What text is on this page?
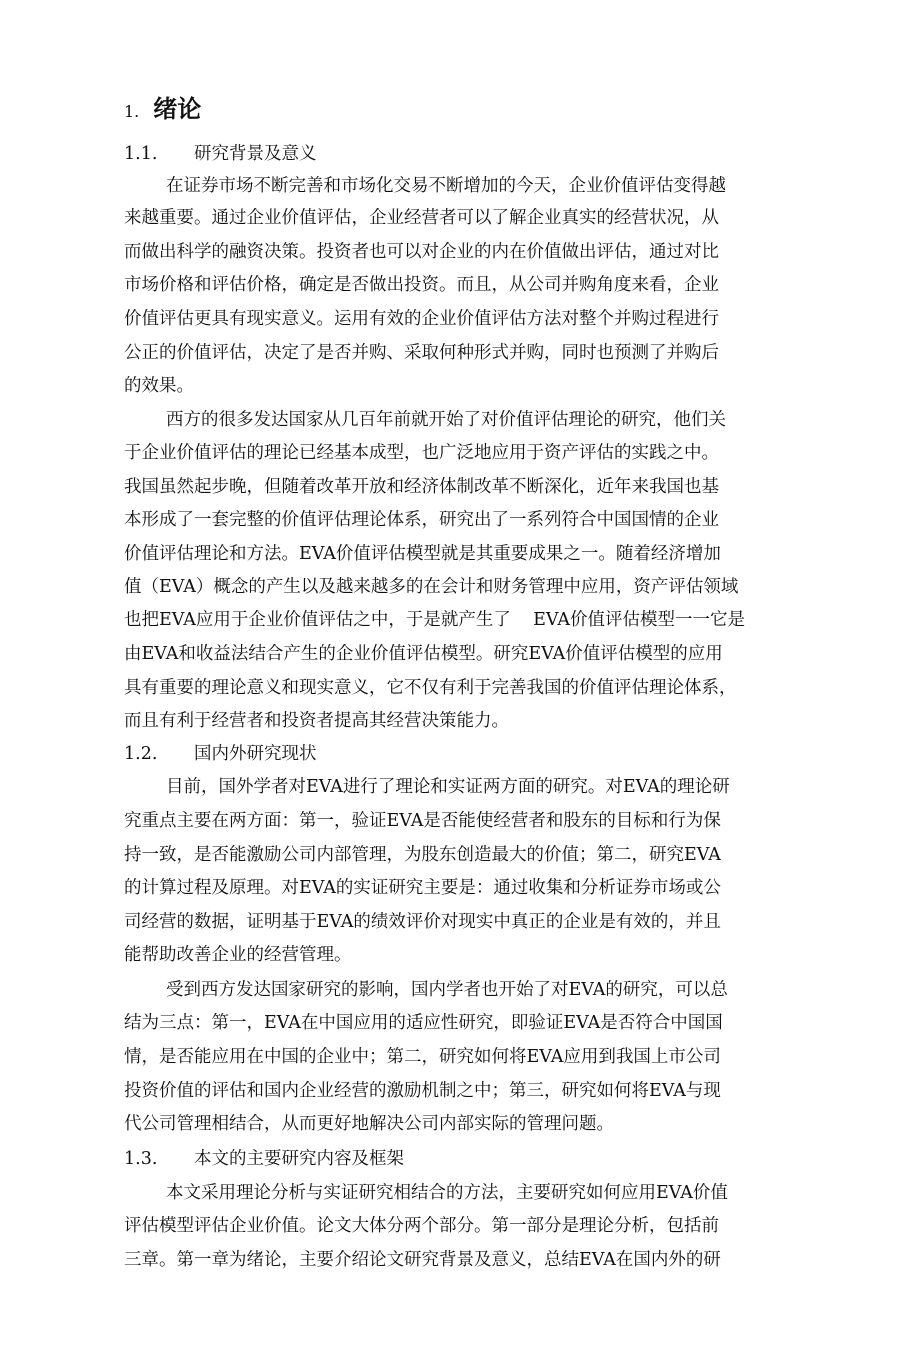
1. 绪论
1.1. 研究背景及意义
在证券市场不断完善和市场化交易不断增加的今天，企业价值评估变得越
来越重要。通过企业价值评估，企业经营者可以了解企业真实的经营状况，从
而做出科学的融资决策。投资者也可以对企业的内在价值做出评估，通过对比
市场价格和评估价格，确定是否做出投资。而且，从公司并购角度来看，企业
价值评估更具有现实意义。运用有效的企业价值评估方法对整个并购过程进行
公正的价值评估，决定了是否并购、采取何种形式并购，同时也预测了并购后
的效果。
西方的很多发达国家从几百年前就开始了对价值评估理论的研究，他们关
于企业价值评估的理论已经基本成型，也广泛地应用于资产评估的实践之中。
我国虽然起步晚，但随着改革开放和经济体制改革不断深化，近年来我国也基
本形成了一套完整的价值评估理论体系，研究出了一系列符合中国国情的企业
价值评估理论和方法。EVA价值评估模型就是其重要成果之一。随着经济增加
值（EVA）概念的产生以及越来越多的在会计和财务管理中应用，资产评估领域
也把EVA应用于企业价值评估之中，于是就产生了    EVA价值评估模型一一它是
由EVA和收益法结合产生的企业价值评估模型。研究EVA价值评估模型的应用
具有重要的理论意义和现实意义，它不仅有利于完善我国的价值评估理论体系，
而且有利于经营者和投资者提高其经营决策能力。
1.2. 国内外研究现状
目前，国外学者对EVA进行了理论和实证两方面的研究。对EVA的理论研
究重点主要在两方面：第一，验证EVA是否能使经营者和股东的目标和行为保
持一致，是否能激励公司内部管理，为股东创造最大的价值；第二，研究EVA
的计算过程及原理。对EVA的实证研究主要是：通过收集和分析证券市场或公
司经营的数据，证明基于EVA的绩效评价对现实中真正的企业是有效的，并且
能帮助改善企业的经营管理。
受到西方发达国家研究的影响，国内学者也开始了对EVA的研究，可以总
结为三点：第一，EVA在中国应用的适应性研究，即验证EVA是否符合中国国
情，是否能应用在中国的企业中；第二，研究如何将EVA应用到我国上市公司
投资价值的评估和国内企业经营的激励机制之中；第三，研究如何将EVA与现
代公司管理相结合，从而更好地解决公司内部实际的管理问题。
1.3. 本文的主要研究内容及框架
本文采用理论分析与实证研究相结合的方法，主要研究如何应用EVA价值
评估模型评估企业价值。论文大体分两个部分。第一部分是理论分析，包括前
三章。第一章为绪论，主要介绍论文研究背景及意义，总结EVA在国内外的研
